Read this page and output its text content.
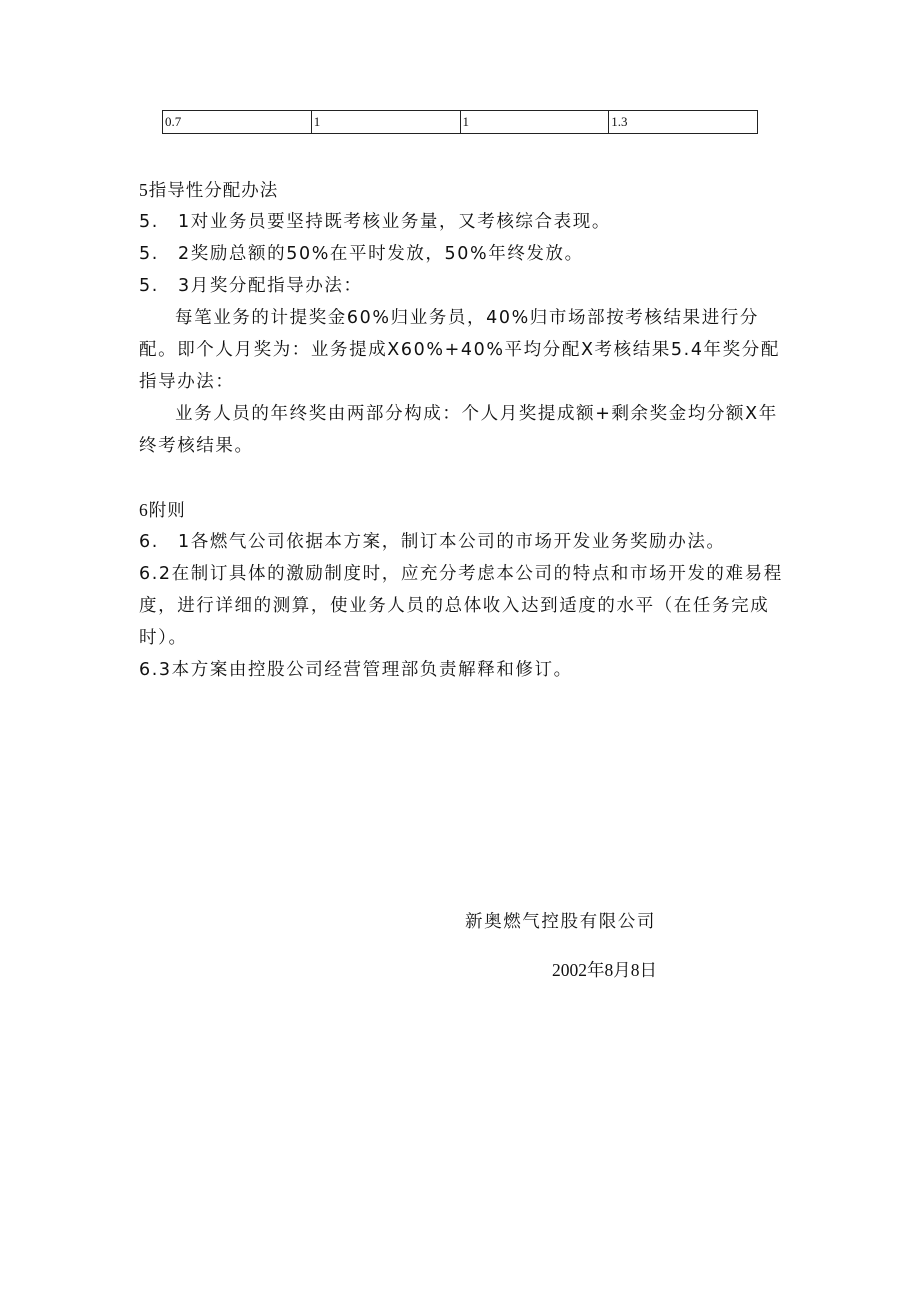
0.7	1	1	1.3

5指导性分配办法

5.　1对业务员要坚持既考核业务量，又考核综合表现。

5.　2奖励总额的50%在平时发放，50%年终发放。

5.　3月奖分配指导办法：

每笔业务的计提奖金60%归业务员，40%归市场部按考核结果进行分配。即个人月奖为：业务提成X60%+40%平均分配X考核结果5.4年奖分配指导办法：

业务人员的年终奖由两部分构成：个人月奖提成额+剩余奖金均分额X年终考核结果。

6附则

6.　1各燃气公司依据本方案，制订本公司的市场开发业务奖励办法。

6.2在制订具体的激励制度时，应充分考虑本公司的特点和市场开发的难易程度，进行详细的测算，使业务人员的总体收入达到适度的水平（在任务完成时）。

6.3本方案由控股公司经营管理部负责解释和修订。

新奥燃气控股有限公司
2002年8月8日
